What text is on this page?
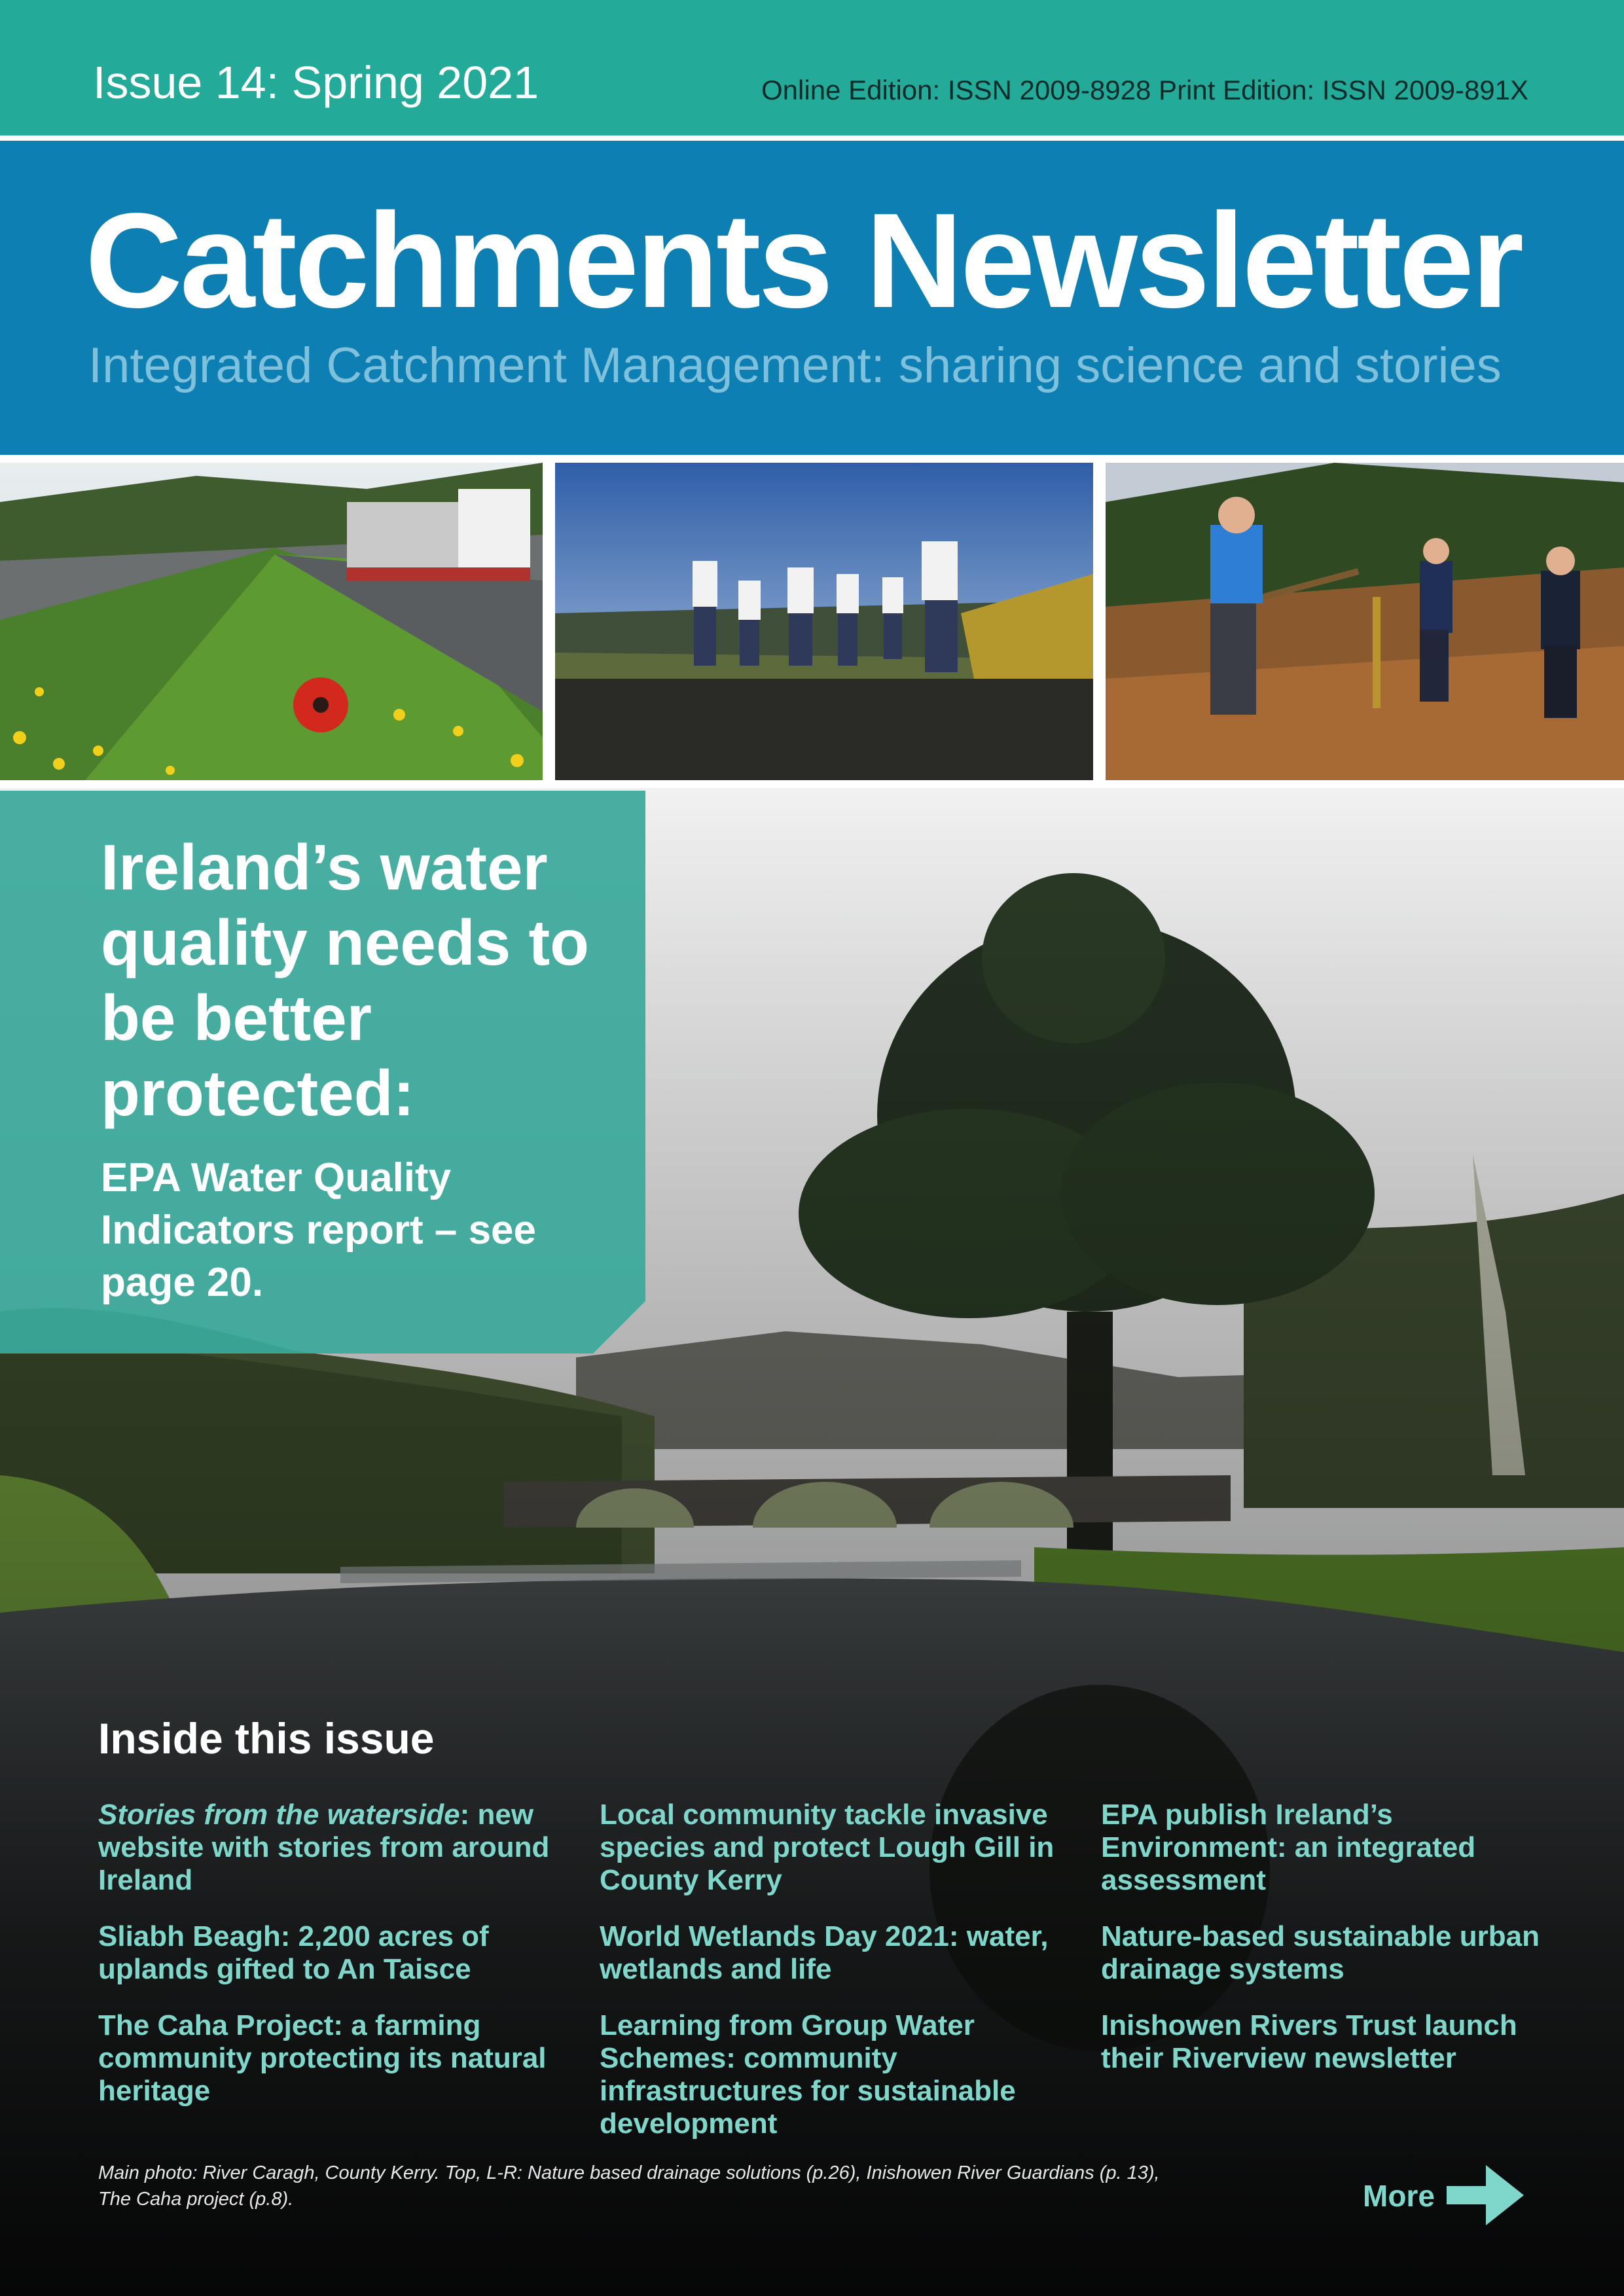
Issue 14: Spring 2021	Online Edition: ISSN 2009-8928 Print Edition: ISSN 2009-891X
Catchments Newsletter
Integrated Catchment Management: sharing science and stories
Ireland’s water quality needs to be better protected:
EPA Water Quality Indicators report – see page 20.
Inside this issue
Stories from the waterside: new website with stories from around Ireland
Sliabh Beagh: 2,200 acres of uplands gifted to An Taisce
The Caha Project: a farming community protecting its natural heritage
Local community tackle invasive species and protect Lough Gill in County Kerry
World Wetlands Day 2021: water, wetlands and life
Learning from Group Water Schemes: community infrastructures for sustainable development
EPA publish Ireland’s Environment: an integrated assessment
Nature-based sustainable urban drainage systems
Inishowen Rivers Trust launch their Riverview newsletter
Main photo: River Caragh, County Kerry. Top, L-R: Nature based drainage solutions (p.26), Inishowen River Guardians (p. 13), The Caha project (p.8).	More
